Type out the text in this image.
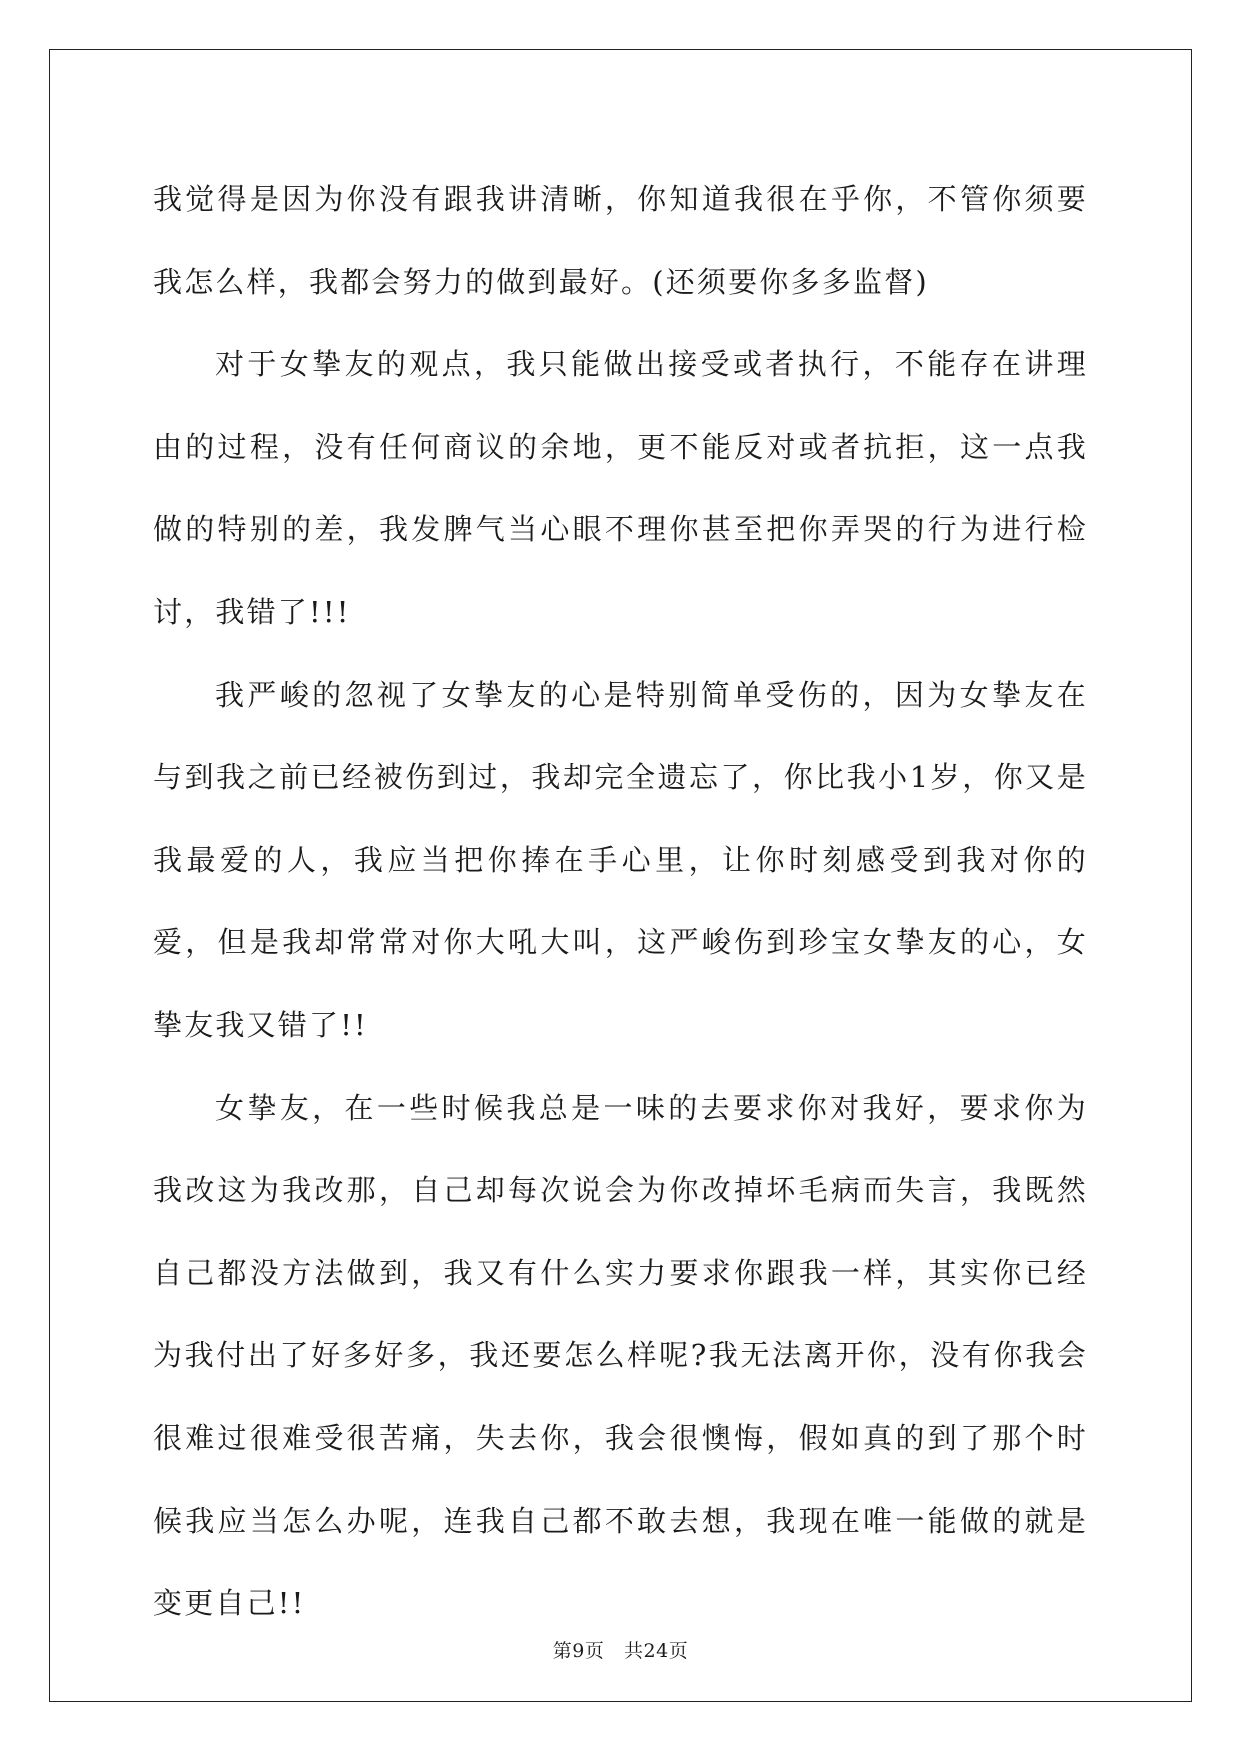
我觉得是因为你没有跟我讲清晰，你知道我很在乎你，不管你须要我怎么样，我都会努力的做到最好。(还须要你多多监督)

对于女挚友的观点，我只能做出接受或者执行，不能存在讲理由的过程，没有任何商议的余地，更不能反对或者抗拒，这一点我做的特别的差，我发脾气当心眼不理你甚至把你弄哭的行为进行检讨，我错了!!!

我严峻的忽视了女挚友的心是特别简单受伤的，因为女挚友在与到我之前已经被伤到过，我却完全遗忘了，你比我小1岁，你又是我最爱的人，我应当把你捧在手心里，让你时刻感受到我对你的爱，但是我却常常对你大吼大叫，这严峻伤到珍宝女挚友的心，女挚友我又错了!!

女挚友，在一些时候我总是一味的去要求你对我好，要求你为我改这为我改那，自己却每次说会为你改掉坏毛病而失言，我既然自己都没方法做到，我又有什么实力要求你跟我一样，其实你已经为我付出了好多好多，我还要怎么样呢?我无法离开你，没有你我会很难过很难受很苦痛，失去你，我会很懊悔，假如真的到了那个时候我应当怎么办呢，连我自己都不敢去想，我现在唯一能做的就是变更自己!!

第9页 共24页
